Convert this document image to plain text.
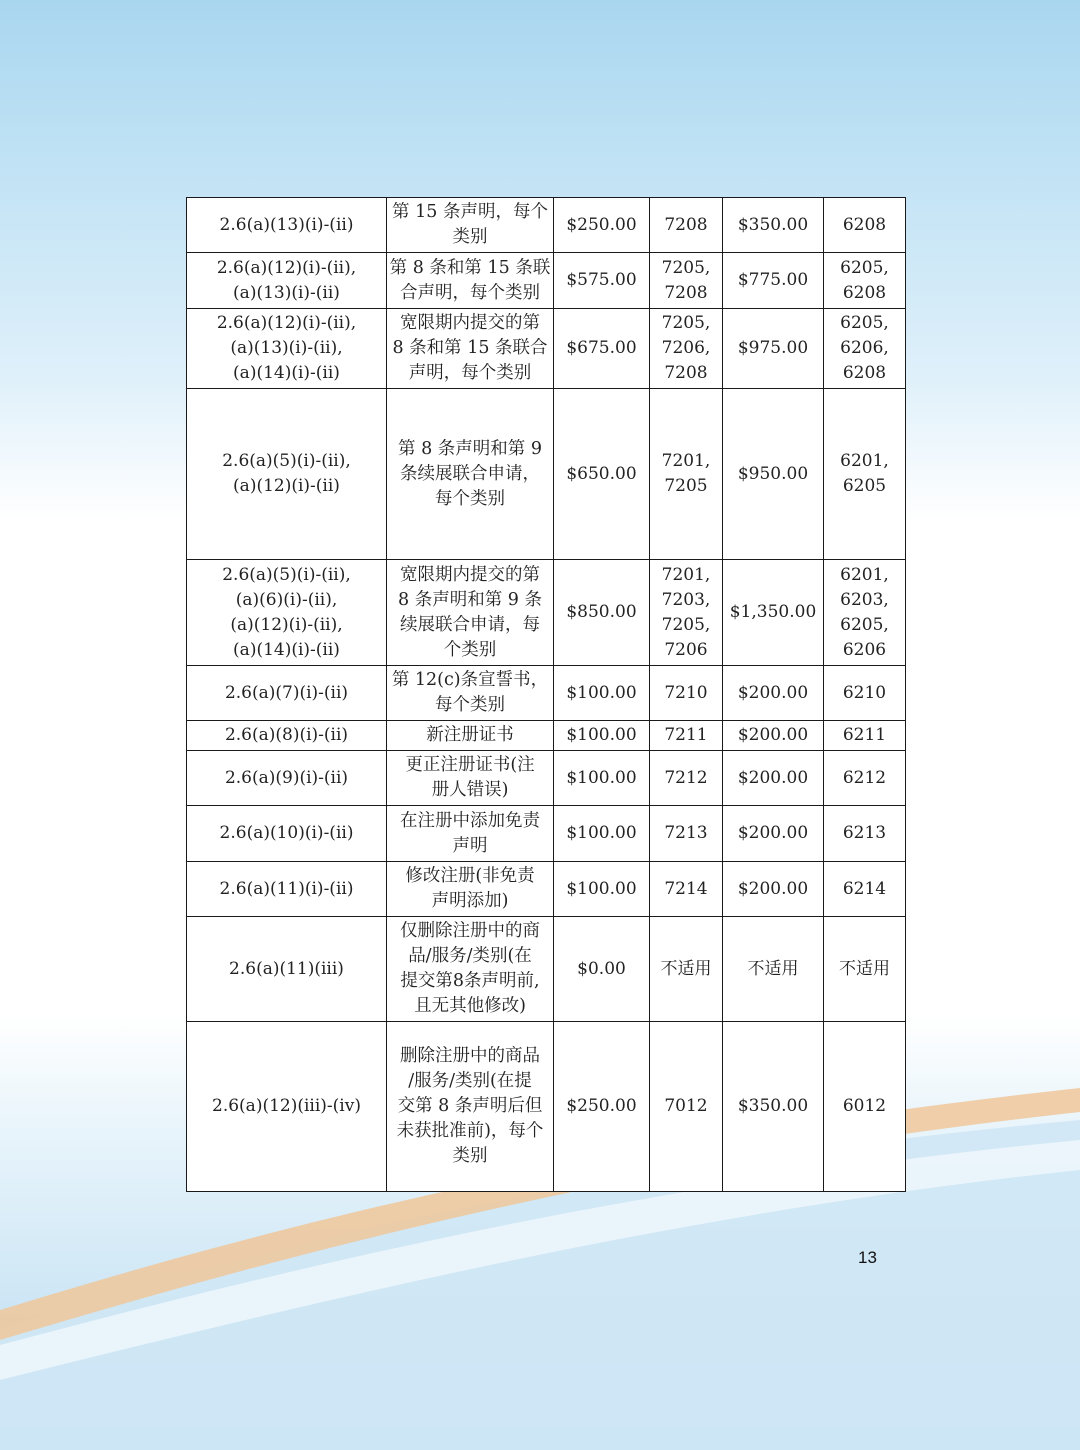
2.6(a)(13)(i)-(ii)	第 15 条声明，每个
类别	$250.00	7208	$350.00	6208
2.6(a)(12)(i)-(ii),
(a)(13)(i)-(ii)	第 8 条和第 15 条联
合声明，每个类别	$575.00	7205,
7208	$775.00	6205,
6208
2.6(a)(12)(i)-(ii),
(a)(13)(i)-(ii),
(a)(14)(i)-(ii)	宽限期内提交的第
8 条和第 15 条联合
声明，每个类别	$675.00	7205,
7206,
7208	$975.00	6205,
6206,
6208
2.6(a)(5)(i)-(ii),
(a)(12)(i)-(ii)	第 8 条声明和第 9
条续展联合申请，
每个类别	$650.00	7201,
7205	$950.00	6201,
6205
2.6(a)(5)(i)-(ii),
(a)(6)(i)-(ii),
(a)(12)(i)-(ii),
(a)(14)(i)-(ii)	宽限期内提交的第
8 条声明和第 9 条
续展联合申请，每
个类别	$850.00	7201,
7203,
7205,
7206	$1,350.00	6201,
6203,
6205,
6206
2.6(a)(7)(i)-(ii)	第 12(c)条宣誓书，
每个类别	$100.00	7210	$200.00	6210
2.6(a)(8)(i)-(ii)	新注册证书	$100.00	7211	$200.00	6211
2.6(a)(9)(i)-(ii)	更正注册证书(注
册人错误)	$100.00	7212	$200.00	6212
2.6(a)(10)(i)-(ii)	在注册中添加免责
声明	$100.00	7213	$200.00	6213
2.6(a)(11)(i)-(ii)	修改注册(非免责
声明添加)	$100.00	7214	$200.00	6214
2.6(a)(11)(iii)	仅删除注册中的商
品/服务/类别(在
提交第8条声明前,
且无其他修改)	$0.00	不适用	不适用	不适用
2.6(a)(12)(iii)-(iv)	删除注册中的商品
/服务/类别(在提
交第 8 条声明后但
未获批准前)，每个
类别	$250.00	7012	$350.00	6012
13
